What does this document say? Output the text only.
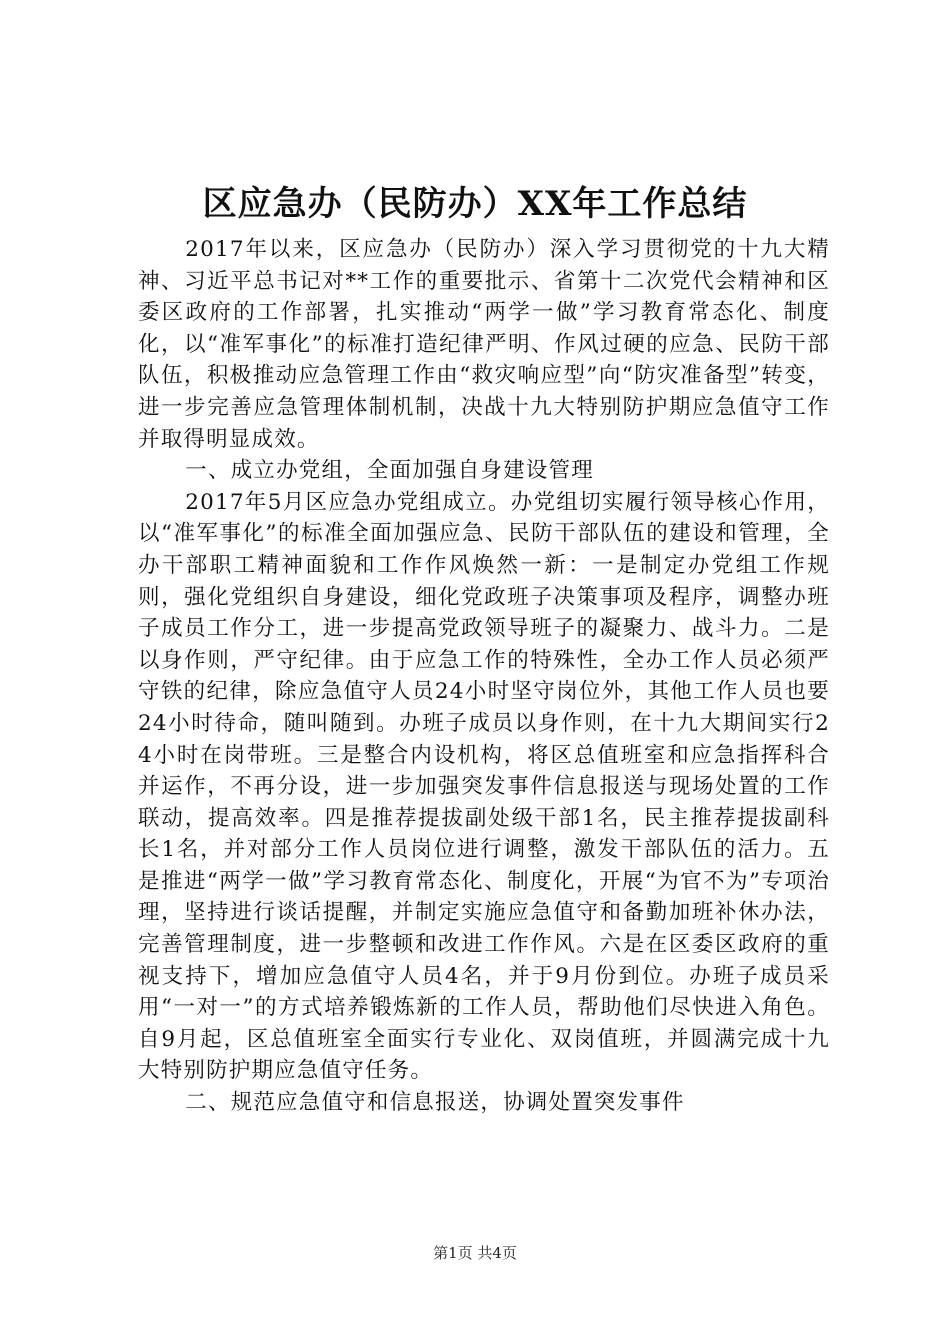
区应急办（民防办）XX年工作总结

2017年以来，区应急办（民防办）深入学习贯彻党的十九大精神、习近平总书记对**工作的重要批示、省第十二次党代会精神和区委区政府的工作部署，扎实推动“两学一做”学习教育常态化、制度化，以“准军事化”的标准打造纪律严明、作风过硬的应急、民防干部队伍，积极推动应急管理工作由“救灾响应型”向“防灾准备型”转变，进一步完善应急管理体制机制，决战十九大特别防护期应急值守工作并取得明显成效。

一、成立办党组，全面加强自身建设管理

2017年5月区应急办党组成立。办党组切实履行领导核心作用，以“准军事化”的标准全面加强应急、民防干部队伍的建设和管理，全办干部职工精神面貌和工作作风焕然一新：一是制定办党组工作规则，强化党组织自身建设，细化党政班子决策事项及程序，调整办班子成员工作分工，进一步提高党政领导班子的凝聚力、战斗力。二是以身作则，严守纪律。由于应急工作的特殊性，全办工作人员必须严守铁的纪律，除应急值守人员24小时坚守岗位外，其他工作人员也要24小时待命，随叫随到。办班子成员以身作则，在十九大期间实行24小时在岗带班。三是整合内设机构，将区总值班室和应急指挥科合并运作，不再分设，进一步加强突发事件信息报送与现场处置的工作联动，提高效率。四是推荐提拔副处级干部1名，民主推荐提拔副科长1名，并对部分工作人员岗位进行调整，激发干部队伍的活力。五是推进“两学一做”学习教育常态化、制度化，开展“为官不为”专项治理，坚持进行谈话提醒，并制定实施应急值守和备勤加班补休办法，完善管理制度，进一步整顿和改进工作作风。六是在区委区政府的重视支持下，增加应急值守人员4名，并于9月份到位。办班子成员采用“一对一”的方式培养锻炼新的工作人员，帮助他们尽快进入角色。自9月起，区总值班室全面实行专业化、双岗值班，并圆满完成十九大特别防护期应急值守任务。

二、规范应急值守和信息报送，协调处置突发事件

第1页 共4页
